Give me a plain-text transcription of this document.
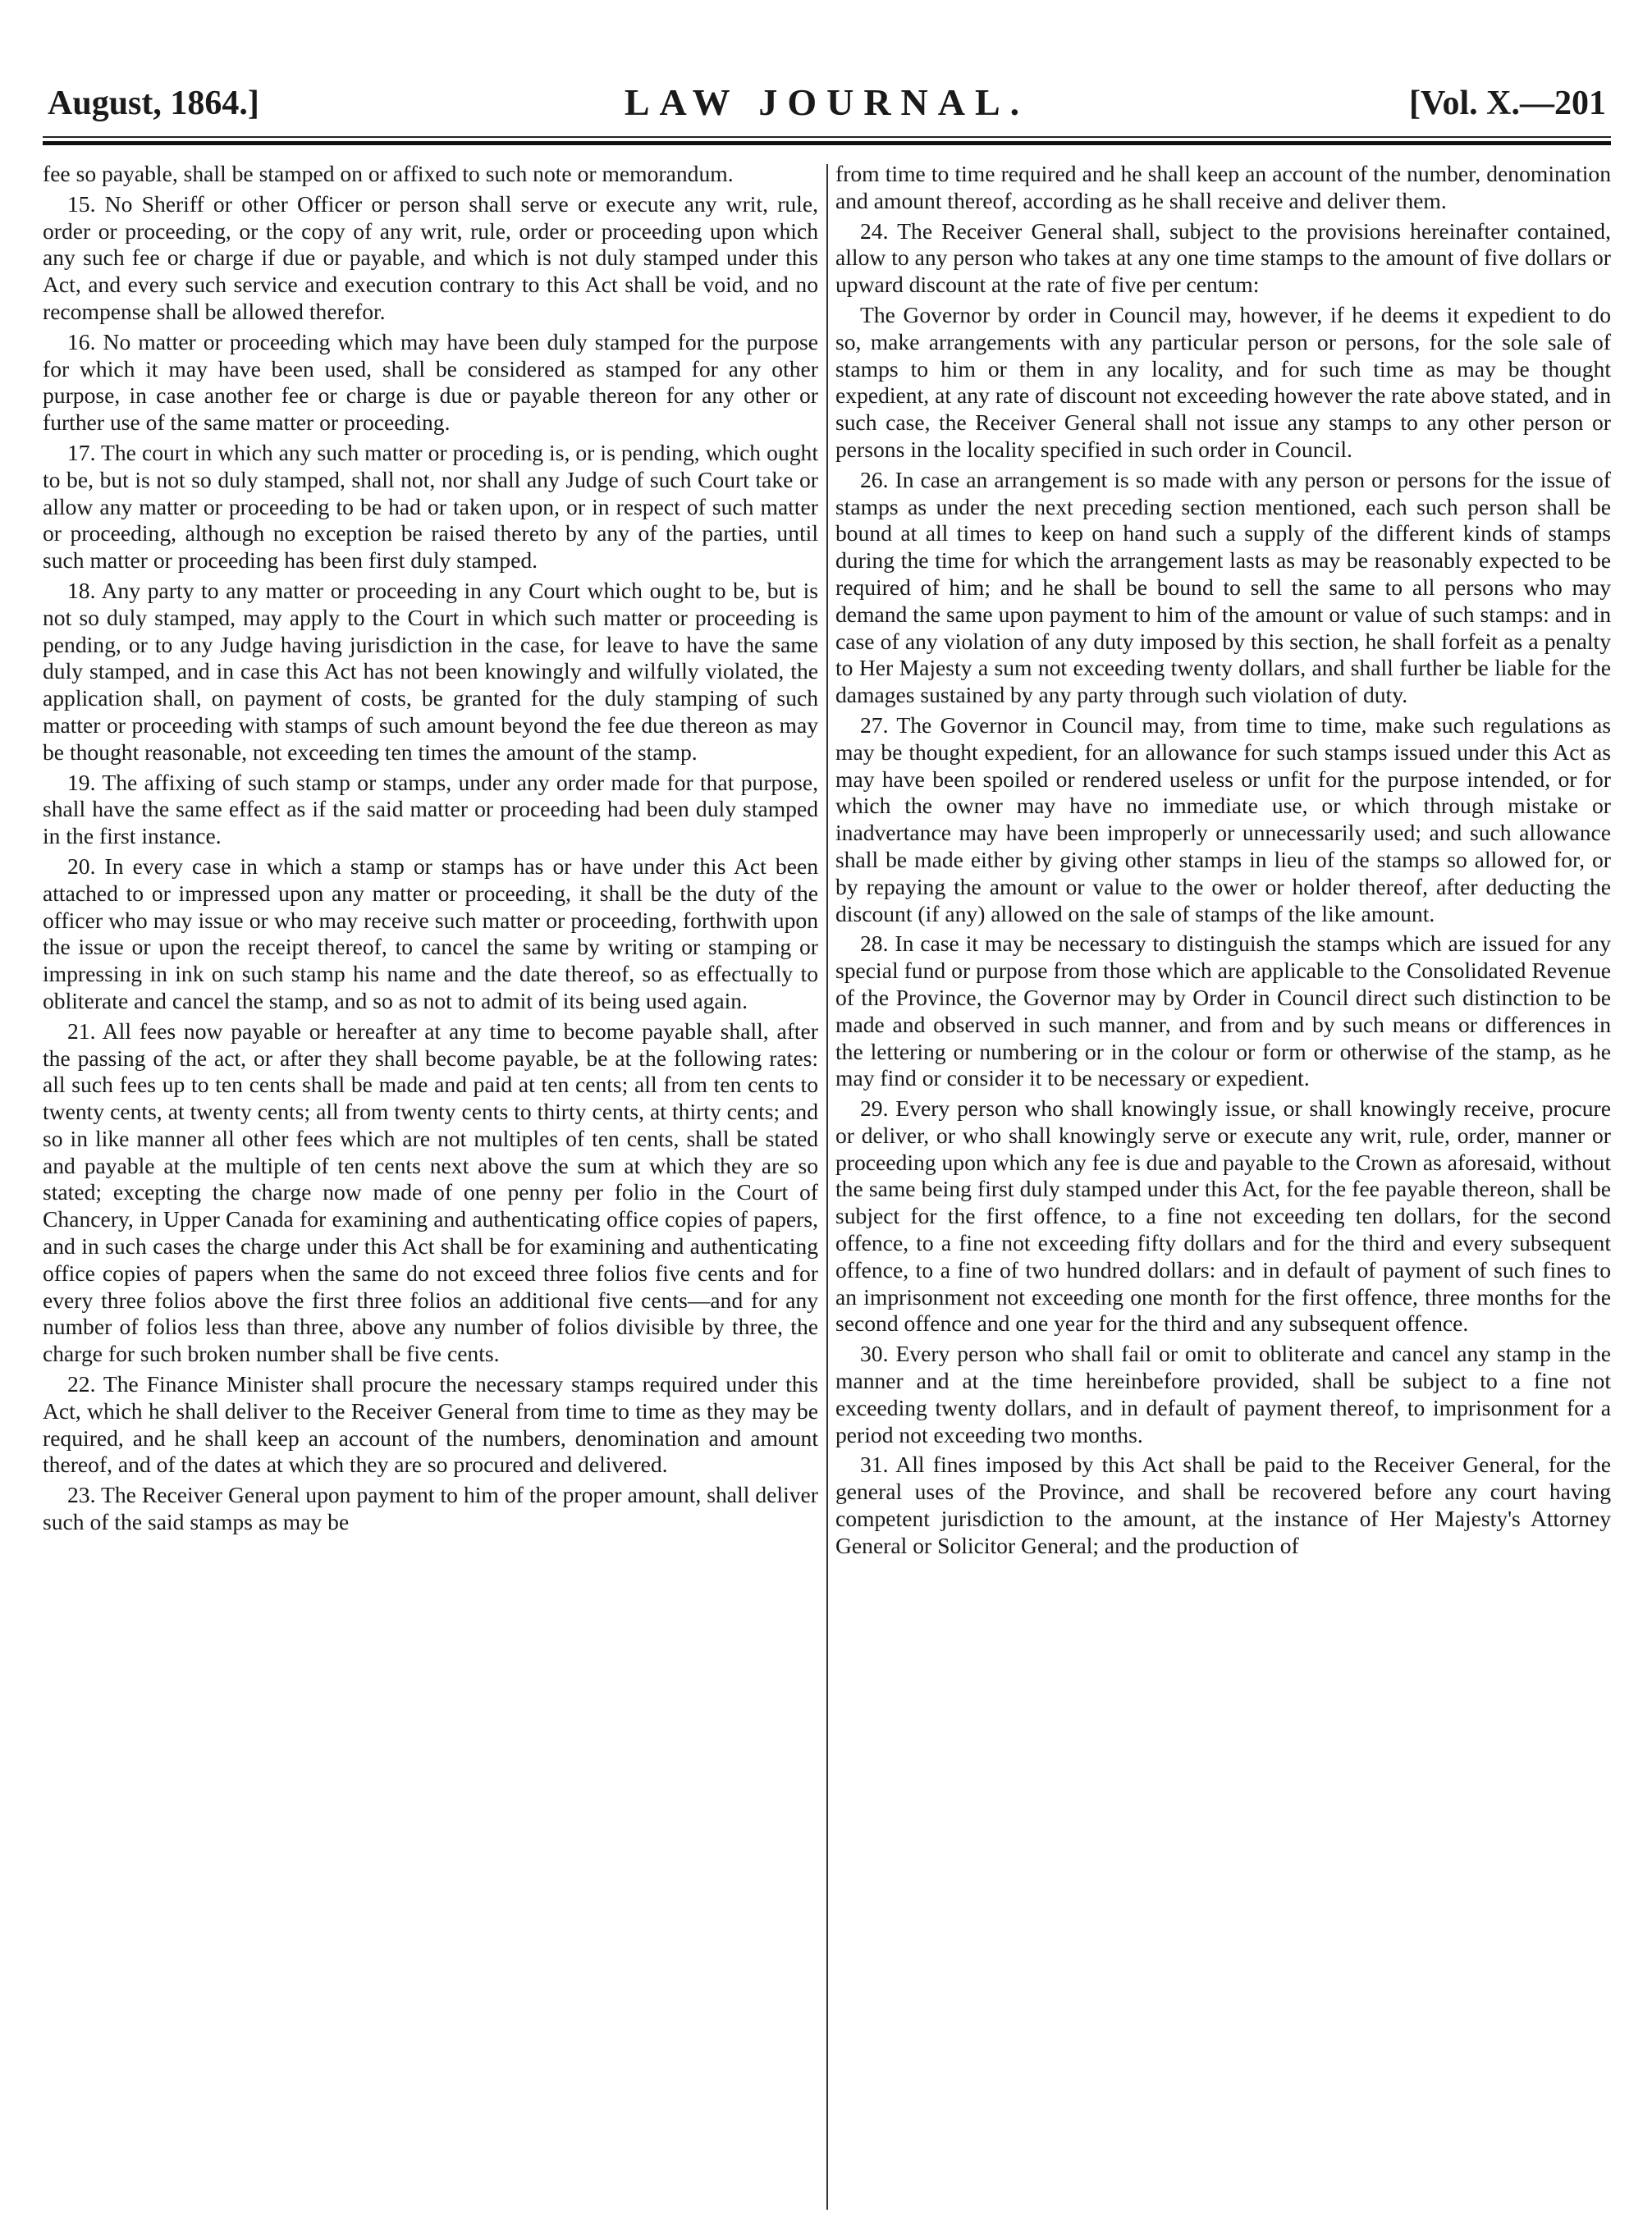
August, 1864.]	LAW JOURNAL.	[Vol. X.—201

fee so payable, shall be stamped on or affixed to such note or memorandum.

15. No Sheriff or other Officer or person shall serve or execute any writ, rule, order or proceeding, or the copy of any writ, rule, order or proceeding upon which any such fee or charge if due or payable, and which is not duly stamped under this Act, and every such service and execution contrary to this Act shall be void, and no recompense shall be allowed therefor.

16. No matter or proceeding which may have been duly stamped for the purpose for which it may have been used, shall be considered as stamped for any other purpose, in case another fee or charge is due or payable thereon for any other or further use of the same matter or proceeding.

17. The court in which any such matter or proceding is, or is pending, which ought to be, but is not so duly stamped, shall not, nor shall any Judge of such Court take or allow any matter or proceeding to be had or taken upon, or in respect of such matter or proceeding, although no exception be raised thereto by any of the parties, until such matter or proceeding has been first duly stamped.

18. Any party to any matter or proceeding in any Court which ought to be, but is not so duly stamped, may apply to the Court in which such matter or proceeding is pending, or to any Judge having jurisdiction in the case, for leave to have the same duly stamped, and in case this Act has not been knowingly and wilfully violated, the application shall, on payment of costs, be granted for the duly stamping of such matter or proceeding with stamps of such amount beyond the fee due thereon as may be thought reasonable, not exceeding ten times the amount of the stamp.

19. The affixing of such stamp or stamps, under any order made for that purpose, shall have the same effect as if the said matter or proceeding had been duly stamped in the first instance.

20. In every case in which a stamp or stamps has or have under this Act been attached to or impressed upon any matter or proceeding, it shall be the duty of the officer who may issue or who may receive such matter or proceeding, forthwith upon the issue or upon the receipt thereof, to cancel the same by writing or stamping or impressing in ink on such stamp his name and the date thereof, so as effectually to obliterate and cancel the stamp, and so as not to admit of its being used again.

21. All fees now payable or hereafter at any time to become payable shall, after the passing of the act, or after they shall become payable, be at the following rates: all such fees up to ten cents shall be made and paid at ten cents; all from ten cents to twenty cents, at twenty cents; all from twenty cents to thirty cents, at thirty cents; and so in like manner all other fees which are not multiples of ten cents, shall be stated and payable at the multiple of ten cents next above the sum at which they are so stated; excepting the charge now made of one penny per folio in the Court of Chancery, in Upper Canada for examining and authenticating office copies of papers, and in such cases the charge under this Act shall be for examining and authenticating office copies of papers when the same do not exceed three folios five cents and for every three folios above the first three folios an additional five cents—and for any number of folios less than three, above any number of folios divisible by three, the charge for such broken number shall be five cents.

22. The Finance Minister shall procure the necessary stamps required under this Act, which he shall deliver to the Receiver General from time to time as they may be required, and he shall keep an account of the numbers, denomination and amount thereof, and of the dates at which they are so procured and delivered.

23. The Receiver General upon payment to him of the proper amount, shall deliver such of the said stamps as may be

from time to time required and he shall keep an account of the number, denomination and amount thereof, according as he shall receive and deliver them.

24. The Receiver General shall, subject to the provisions hereinafter contained, allow to any person who takes at any one time stamps to the amount of five dollars or upward discount at the rate of five per centum:

The Governor by order in Council may, however, if he deems it expedient to do so, make arrangements with any particular person or persons, for the sole sale of stamps to him or them in any locality, and for such time as may be thought expedient, at any rate of discount not exceeding however the rate above stated, and in such case, the Receiver General shall not issue any stamps to any other person or persons in the locality specified in such order in Council.

26. In case an arrangement is so made with any person or persons for the issue of stamps as under the next preceding section mentioned, each such person shall be bound at all times to keep on hand such a supply of the different kinds of stamps during the time for which the arrangement lasts as may be reasonably expected to be required of him; and he shall be bound to sell the same to all persons who may demand the same upon payment to him of the amount or value of such stamps: and in case of any violation of any duty imposed by this section, he shall forfeit as a penalty to Her Majesty a sum not exceeding twenty dollars, and shall further be liable for the damages sustained by any party through such violation of duty.

27. The Governor in Council may, from time to time, make such regulations as may be thought expedient, for an allowance for such stamps issued under this Act as may have been spoiled or rendered useless or unfit for the purpose intended, or for which the owner may have no immediate use, or which through mistake or inadvertance may have been improperly or unnecessarily used; and such allowance shall be made either by giving other stamps in lieu of the stamps so allowed for, or by repaying the amount or value to the ower or holder thereof, after deducting the discount (if any) allowed on the sale of stamps of the like amount.

28. In case it may be necessary to distinguish the stamps which are issued for any special fund or purpose from those which are applicable to the Consolidated Revenue of the Province, the Governor may by Order in Council direct such distinction to be made and observed in such manner, and from and by such means or differences in the lettering or numbering or in the colour or form or otherwise of the stamp, as he may find or consider it to be necessary or expedient.

29. Every person who shall knowingly issue, or shall knowingly receive, procure or deliver, or who shall knowingly serve or execute any writ, rule, order, manner or proceeding upon which any fee is due and payable to the Crown as aforesaid, without the same being first duly stamped under this Act, for the fee payable thereon, shall be subject for the first offence, to a fine not exceeding ten dollars, for the second offence, to a fine not exceeding fifty dollars and for the third and every subsequent offence, to a fine of two hundred dollars: and in default of payment of such fines to an imprisonment not exceeding one month for the first offence, three months for the second offence and one year for the third and any subsequent offence.

30. Every person who shall fail or omit to obliterate and cancel any stamp in the manner and at the time hereinbefore provided, shall be subject to a fine not exceeding twenty dollars, and in default of payment thereof, to imprisonment for a period not exceeding two months.

31. All fines imposed by this Act shall be paid to the Receiver General, for the general uses of the Province, and shall be recovered before any court having competent jurisdiction to the amount, at the instance of Her Majesty's Attorney General or Solicitor General; and the production of
